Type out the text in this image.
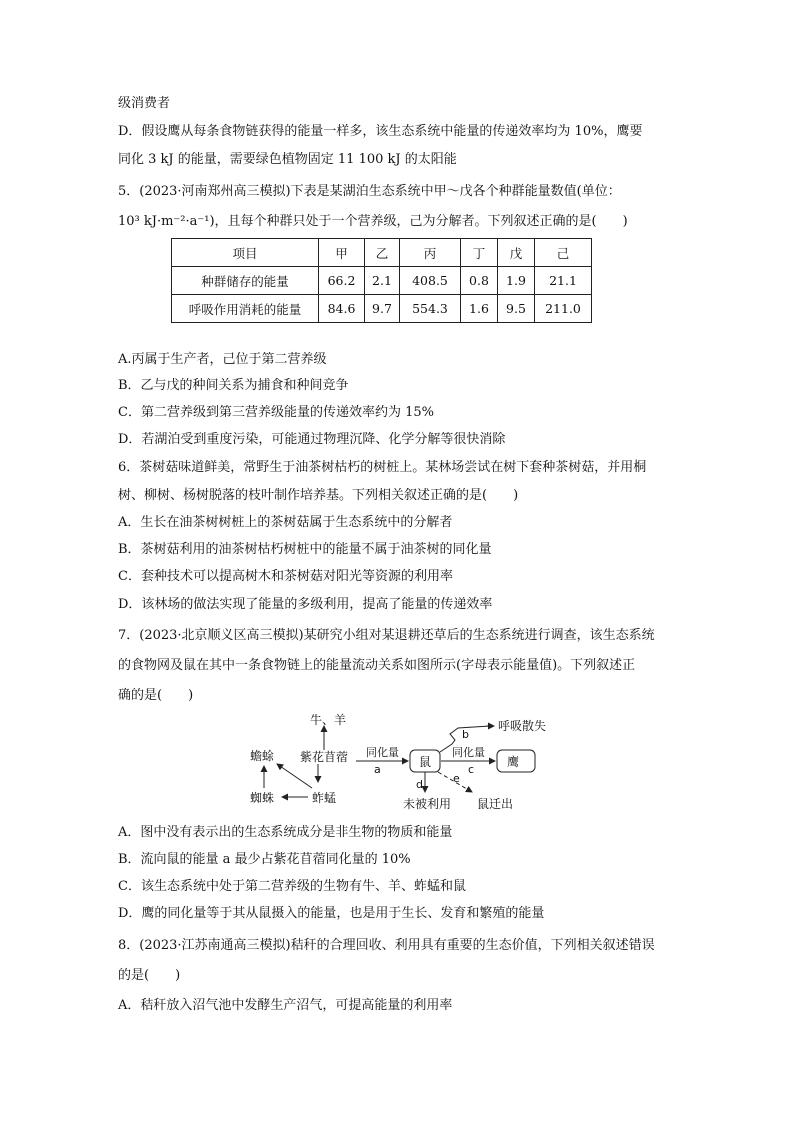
级消费者
D．假设鹰从每条食物链获得的能量一样多，该生态系统中能量的传递效率均为 10%，鹰要
同化 3 kJ 的能量，需要绿色植物固定 11 100 kJ 的太阳能
5．(2023·河南郑州高三模拟)下表是某湖泊生态系统中甲～戊各个种群能量数值(单位：
10³ kJ·m⁻²·a⁻¹)，且每个种群只处于一个营养级，己为分解者。下列叙述正确的是(　　)
项目	甲	乙	丙	丁	戊	己
种群储存的能量	66.2	2.1	408.5	0.8	1.9	21.1
呼吸作用消耗的能量	84.6	9.7	554.3	1.6	9.5	211.0
A.丙属于生产者，己位于第二营养级
B．乙与戊的种间关系为捕食和种间竞争
C．第二营养级到第三营养级能量的传递效率约为 15%
D．若湖泊受到重度污染，可能通过物理沉降、化学分解等很快消除
6．茶树菇味道鲜美，常野生于油茶树枯朽的树桩上。某林场尝试在树下套种茶树菇，并用桐
树、柳树、杨树脱落的枝叶制作培养基。下列相关叙述正确的是(　　)
A．生长在油茶树树桩上的茶树菇属于生态系统中的分解者
B．茶树菇利用的油茶树枯朽树桩中的能量不属于油茶树的同化量
C．套种技术可以提高树木和茶树菇对阳光等资源的利用率
D．该林场的做法实现了能量的多级利用，提高了能量的传递效率
7．(2023·北京顺义区高三模拟)某研究小组对某退耕还草后的生态系统进行调查，该生态系统
的食物网及鼠在其中一条食物链上的能量流动关系如图所示(字母表示能量值)。下列叙述正
确的是(　　)
牛、羊
蟾蜍
蜘蛛	蚱蜢
紫花苜蓿 同化量
a
鼠
b
呼吸散失
同化量
c
鹰
d	e
未被利用 鼠迁出
A．图中没有表示出的生态系统成分是非生物的物质和能量
B．流向鼠的能量 a 最少占紫花苜蓿同化量的 10%
C．该生态系统中处于第二营养级的生物有牛、羊、蚱蜢和鼠
D．鹰的同化量等于其从鼠摄入的能量，也是用于生长、发育和繁殖的能量
8．(2023·江苏南通高三模拟)秸秆的合理回收、利用具有重要的生态价值，下列相关叙述错误
的是(　　)
A．秸秆放入沼气池中发酵生产沼气，可提高能量的利用率
